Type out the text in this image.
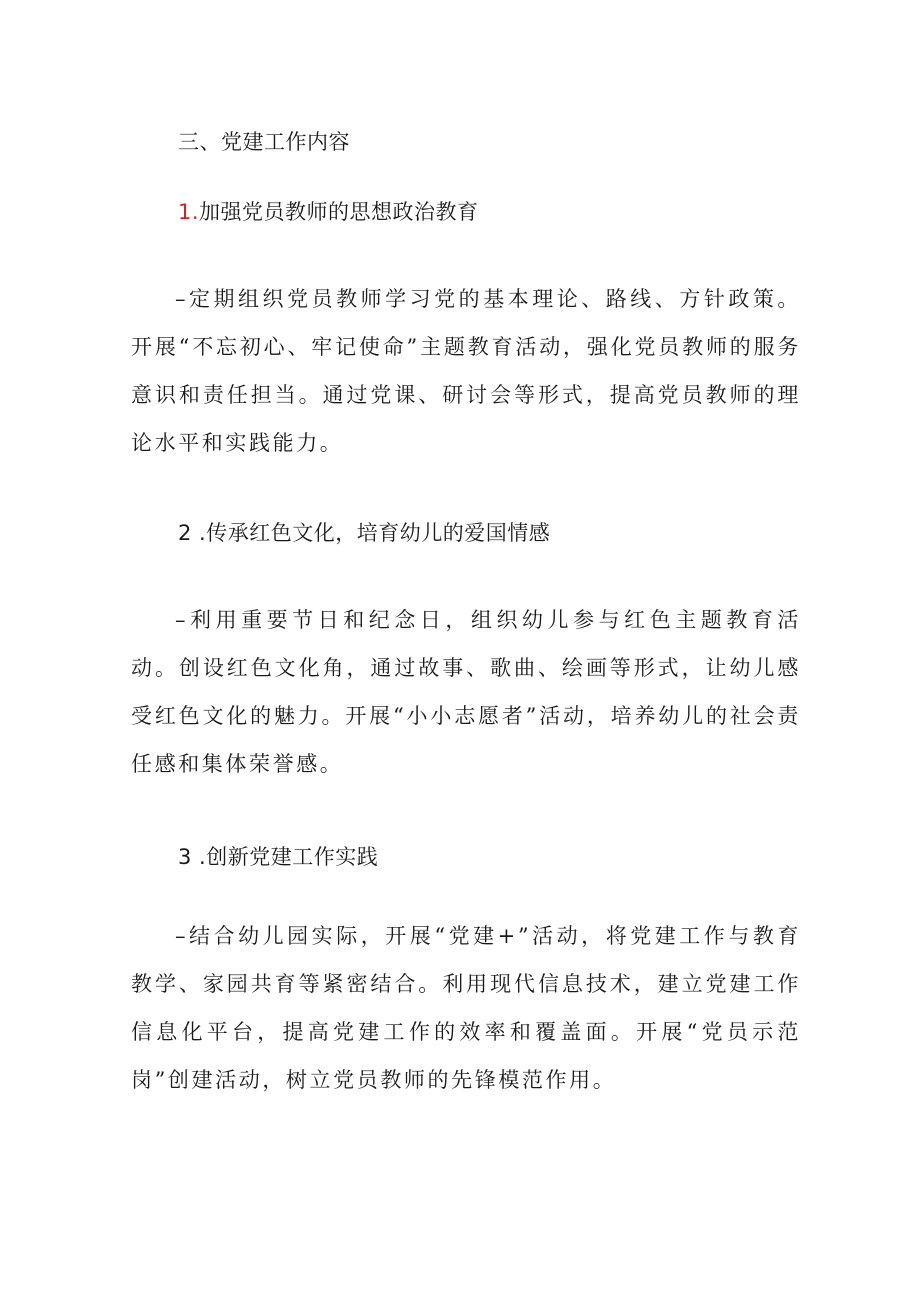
三、党建工作内容
1.加强党员教师的思想政治教育

–定期组织党员教师学习党的基本理论、路线、方针政策。开展“不忘初心、牢记使命”主题教育活动，强化党员教师的服务意识和责任担当。通过党课、研讨会等形式，提高党员教师的理论水平和实践能力。

2 .传承红色文化，培育幼儿的爱国情感

–利用重要节日和纪念日，组织幼儿参与红色主题教育活动。创设红色文化角，通过故事、歌曲、绘画等形式，让幼儿感受红色文化的魅力。开展“小小志愿者”活动，培养幼儿的社会责任感和集体荣誉感。

3 .创新党建工作实践

–结合幼儿园实际，开展“党建+”活动，将党建工作与教育教学、家园共育等紧密结合。利用现代信息技术，建立党建工作信息化平台，提高党建工作的效率和覆盖面。开展“党员示范岗”创建活动，树立党员教师的先锋模范作用。
